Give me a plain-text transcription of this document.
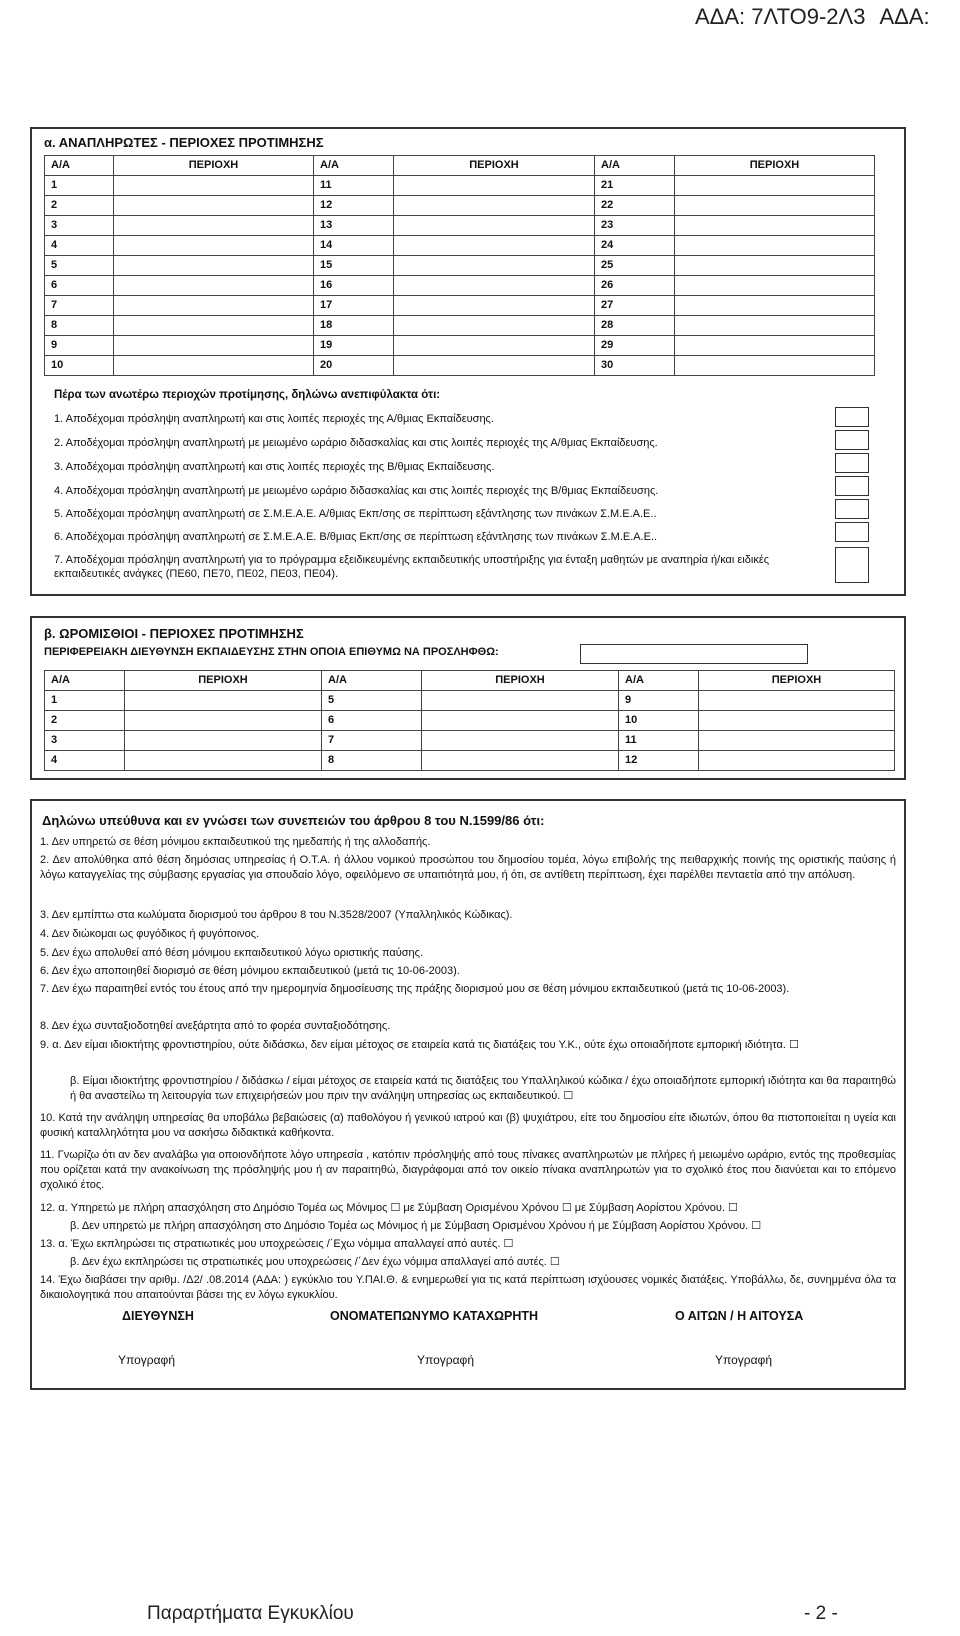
ΑΔΑ: 7ΛΤΟ9-2Λ3 ΑΔΑ:
α. ΑΝΑΠΛΗΡΩΤΕΣ - ΠΕΡΙΟΧΕΣ ΠΡΟΤΙΜΗΣΗΣ
Α/Α	ΠΕΡΙΟΧΗ	Α/Α	ΠΕΡΙΟΧΗ	Α/Α	ΠΕΡΙΟΧΗ
1		11		21	
2		12		22	
3		13		23	
4		14		24	
5		15		25	
6		16		26	
7		17		27	
8		18		28	
9		19		29	
10		20		30	
Πέρα των ανωτέρω περιοχών προτίμησης, δηλώνω ανεπιφύλακτα ότι:
1. Αποδέχομαι πρόσληψη αναπληρωτή και στις λοιπές περιοχές της Α/θμιας Εκπαίδευσης.
2. Αποδέχομαι πρόσληψη αναπληρωτή με μειωμένο ωράριο διδασκαλίας και στις λοιπές περιοχές της Α/θμιας Εκπαίδευσης.
3. Αποδέχομαι πρόσληψη αναπληρωτή και στις λοιπές περιοχές της Β/θμιας Εκπαίδευσης.
4. Αποδέχομαι πρόσληψη αναπληρωτή με μειωμένο ωράριο διδασκαλίας και στις λοιπές περιοχές της Β/θμιας Εκπαίδευσης.
5. Αποδέχομαι πρόσληψη αναπληρωτή σε Σ.Μ.Ε.Α.Ε. Α/θμιας Εκπ/σης σε περίπτωση εξάντλησης των πινάκων Σ.Μ.Ε.Α.Ε..
6. Αποδέχομαι πρόσληψη αναπληρωτή σε Σ.Μ.Ε.Α.Ε. Β/θμιας Εκπ/σης σε περίπτωση εξάντλησης των πινάκων Σ.Μ.Ε.Α.Ε..
7. Αποδέχομαι πρόσληψη αναπληρωτή για το πρόγραμμα εξειδικευμένης εκπαιδευτικής υποστήριξης για ένταξη μαθητών με αναπηρία ή/και ειδικές εκπαιδευτικές ανάγκες (ΠΕ60, ΠΕ70, ΠΕ02, ΠΕ03, ΠΕ04).
β. ΩΡΟΜΙΣΘΙΟΙ - ΠΕΡΙΟΧΕΣ ΠΡΟΤΙΜΗΣΗΣ
ΠΕΡΙΦΕΡΕΙΑΚΗ ΔΙΕΥΘΥΝΣΗ ΕΚΠΑΙΔΕΥΣΗΣ ΣΤΗΝ ΟΠΟΙΑ ΕΠΙΘΥΜΩ ΝΑ ΠΡΟΣΛΗΦΘΩ:
Α/Α	ΠΕΡΙΟΧΗ	Α/Α	ΠΕΡΙΟΧΗ	Α/Α	ΠΕΡΙΟΧΗ
1		5		9	
2		6		10	
3		7		11	
4		8		12	
Δηλώνω υπεύθυνα και εν γνώσει των συνεπειών του άρθρου 8 του Ν.1599/86 ότι:
1. Δεν υπηρετώ σε θέση μόνιμου εκπαιδευτικού της ημεδαπής ή της αλλοδαπής.
2. Δεν απολύθηκα από θέση δημόσιας υπηρεσίας ή Ο.Τ.Α. ή άλλου νομικού προσώπου του δημοσίου τομέα, λόγω επιβολής της πειθαρχικής ποινής της οριστικής παύσης ή λόγω καταγγελίας της σύμβασης εργασίας για σπουδαίο λόγο, οφειλόμενο σε υπαιτιότητά μου, ή ότι, σε αντίθετη περίπτωση, έχει παρέλθει πενταετία από την απόλυση.
3. Δεν εμπίπτω στα κωλύματα διορισμού του άρθρου 8 του Ν.3528/2007 (Υπαλληλικός Κώδικας).
4. Δεν διώκομαι ως φυγόδικος ή φυγόποινος.
5. Δεν έχω απολυθεί από θέση μόνιμου εκπαιδευτικού λόγω οριστικής παύσης.
6. Δεν έχω αποποιηθεί διορισμό σε θέση μόνιμου εκπαιδευτικού (μετά τις 10-06-2003).
7. Δεν έχω παραιτηθεί εντός του έτους από την ημερομηνία δημοσίευσης της πράξης διορισμού μου σε θέση μόνιμου εκπαιδευτικού (μετά τις 10-06-2003).
8. Δεν έχω συνταξιοδοτηθεί ανεξάρτητα από το φορέα συνταξιοδότησης.
9. α. Δεν είμαι ιδιοκτήτης φροντιστηρίου, ούτε διδάσκω, δεν είμαι μέτοχος σε εταιρεία κατά τις διατάξεις του Υ.Κ., ούτε έχω οποιαδήποτε εμπορική ιδιότητα. ☐
β. Είμαι ιδιοκτήτης φροντιστηρίου / διδάσκω / είμαι μέτοχος σε εταιρεία κατά τις διατάξεις του Υπαλληλικού κώδικα / έχω οποιαδήποτε εμπορική ιδιότητα και θα παραιτηθώ ή θα αναστείλω τη λειτουργία των επιχειρήσεών μου πριν την ανάληψη υπηρεσίας ως εκπαιδευτικού. ☐
10. Κατά την ανάληψη υπηρεσίας θα υποβάλω βεβαιώσεις (α) παθολόγου ή γενικού ιατρού και (β) ψυχιάτρου, είτε του δημοσίου είτε ιδιωτών, όπου θα πιστοποιείται η υγεία και φυσική καταλληλότητα μου να ασκήσω διδακτικά καθήκοντα.
11. Γνωρίζω ότι αν δεν αναλάβω για οποιονδήποτε λόγο υπηρεσία , κατόπιν πρόσληψής από τους πίνακες αναπληρωτών με πλήρες ή μειωμένο ωράριο, εντός της προθεσμίας που ορίζεται κατά την ανακοίνωση της πρόσληψής μου ή αν παραιτηθώ, διαγράφομαι από τον οικείο πίνακα αναπληρωτών για το σχολικό έτος που διανύεται και το επόμενο σχολικό έτος.
12. α. Υπηρετώ με πλήρη απασχόληση στο Δημόσιο Τομέα ως Μόνιμος ☐ με Σύμβαση Ορισμένου Χρόνου ☐ με Σύμβαση Αορίστου Χρόνου. ☐
β. Δεν υπηρετώ με πλήρη απασχόληση στο Δημόσιο Τομέα ως Μόνιμος ή με Σύμβαση Ορισμένου Χρόνου ή με Σύμβαση Αορίστου Χρόνου. ☐
13. α. Έχω εκπληρώσει τις στρατιωτικές μου υποχρεώσεις /΄Εχω νόμιμα απαλλαγεί από αυτές. ☐
β. Δεν έχω εκπληρώσει τις στρατιωτικές μου υποχρεώσεις /΄Δεν έχω νόμιμα απαλλαγεί από αυτές. ☐
14. Έχω διαβάσει την αριθμ. /Δ2/ .08.2014 (ΑΔΑ: ) εγκύκλιο του Υ.ΠΑΙ.Θ. & ενημερωθεί για τις κατά περίπτωση ισχύουσες νομικές διατάξεις. Υποβάλλω, δε, συνημμένα όλα τα δικαιολογητικά που απαιτούνται βάσει της εν λόγω εγκυκλίου.
ΔΙΕΥΘΥΝΣΗ	ΟΝΟΜΑΤΕΠΩΝΥΜΟ ΚΑΤΑΧΩΡΗΤΗ	Ο ΑΙΤΩΝ / Η ΑΙΤΟΥΣΑ
Υπογραφή	Υπογραφή	Υπογραφή
Παραρτήματα Εγκυκλίου	- 2 -
